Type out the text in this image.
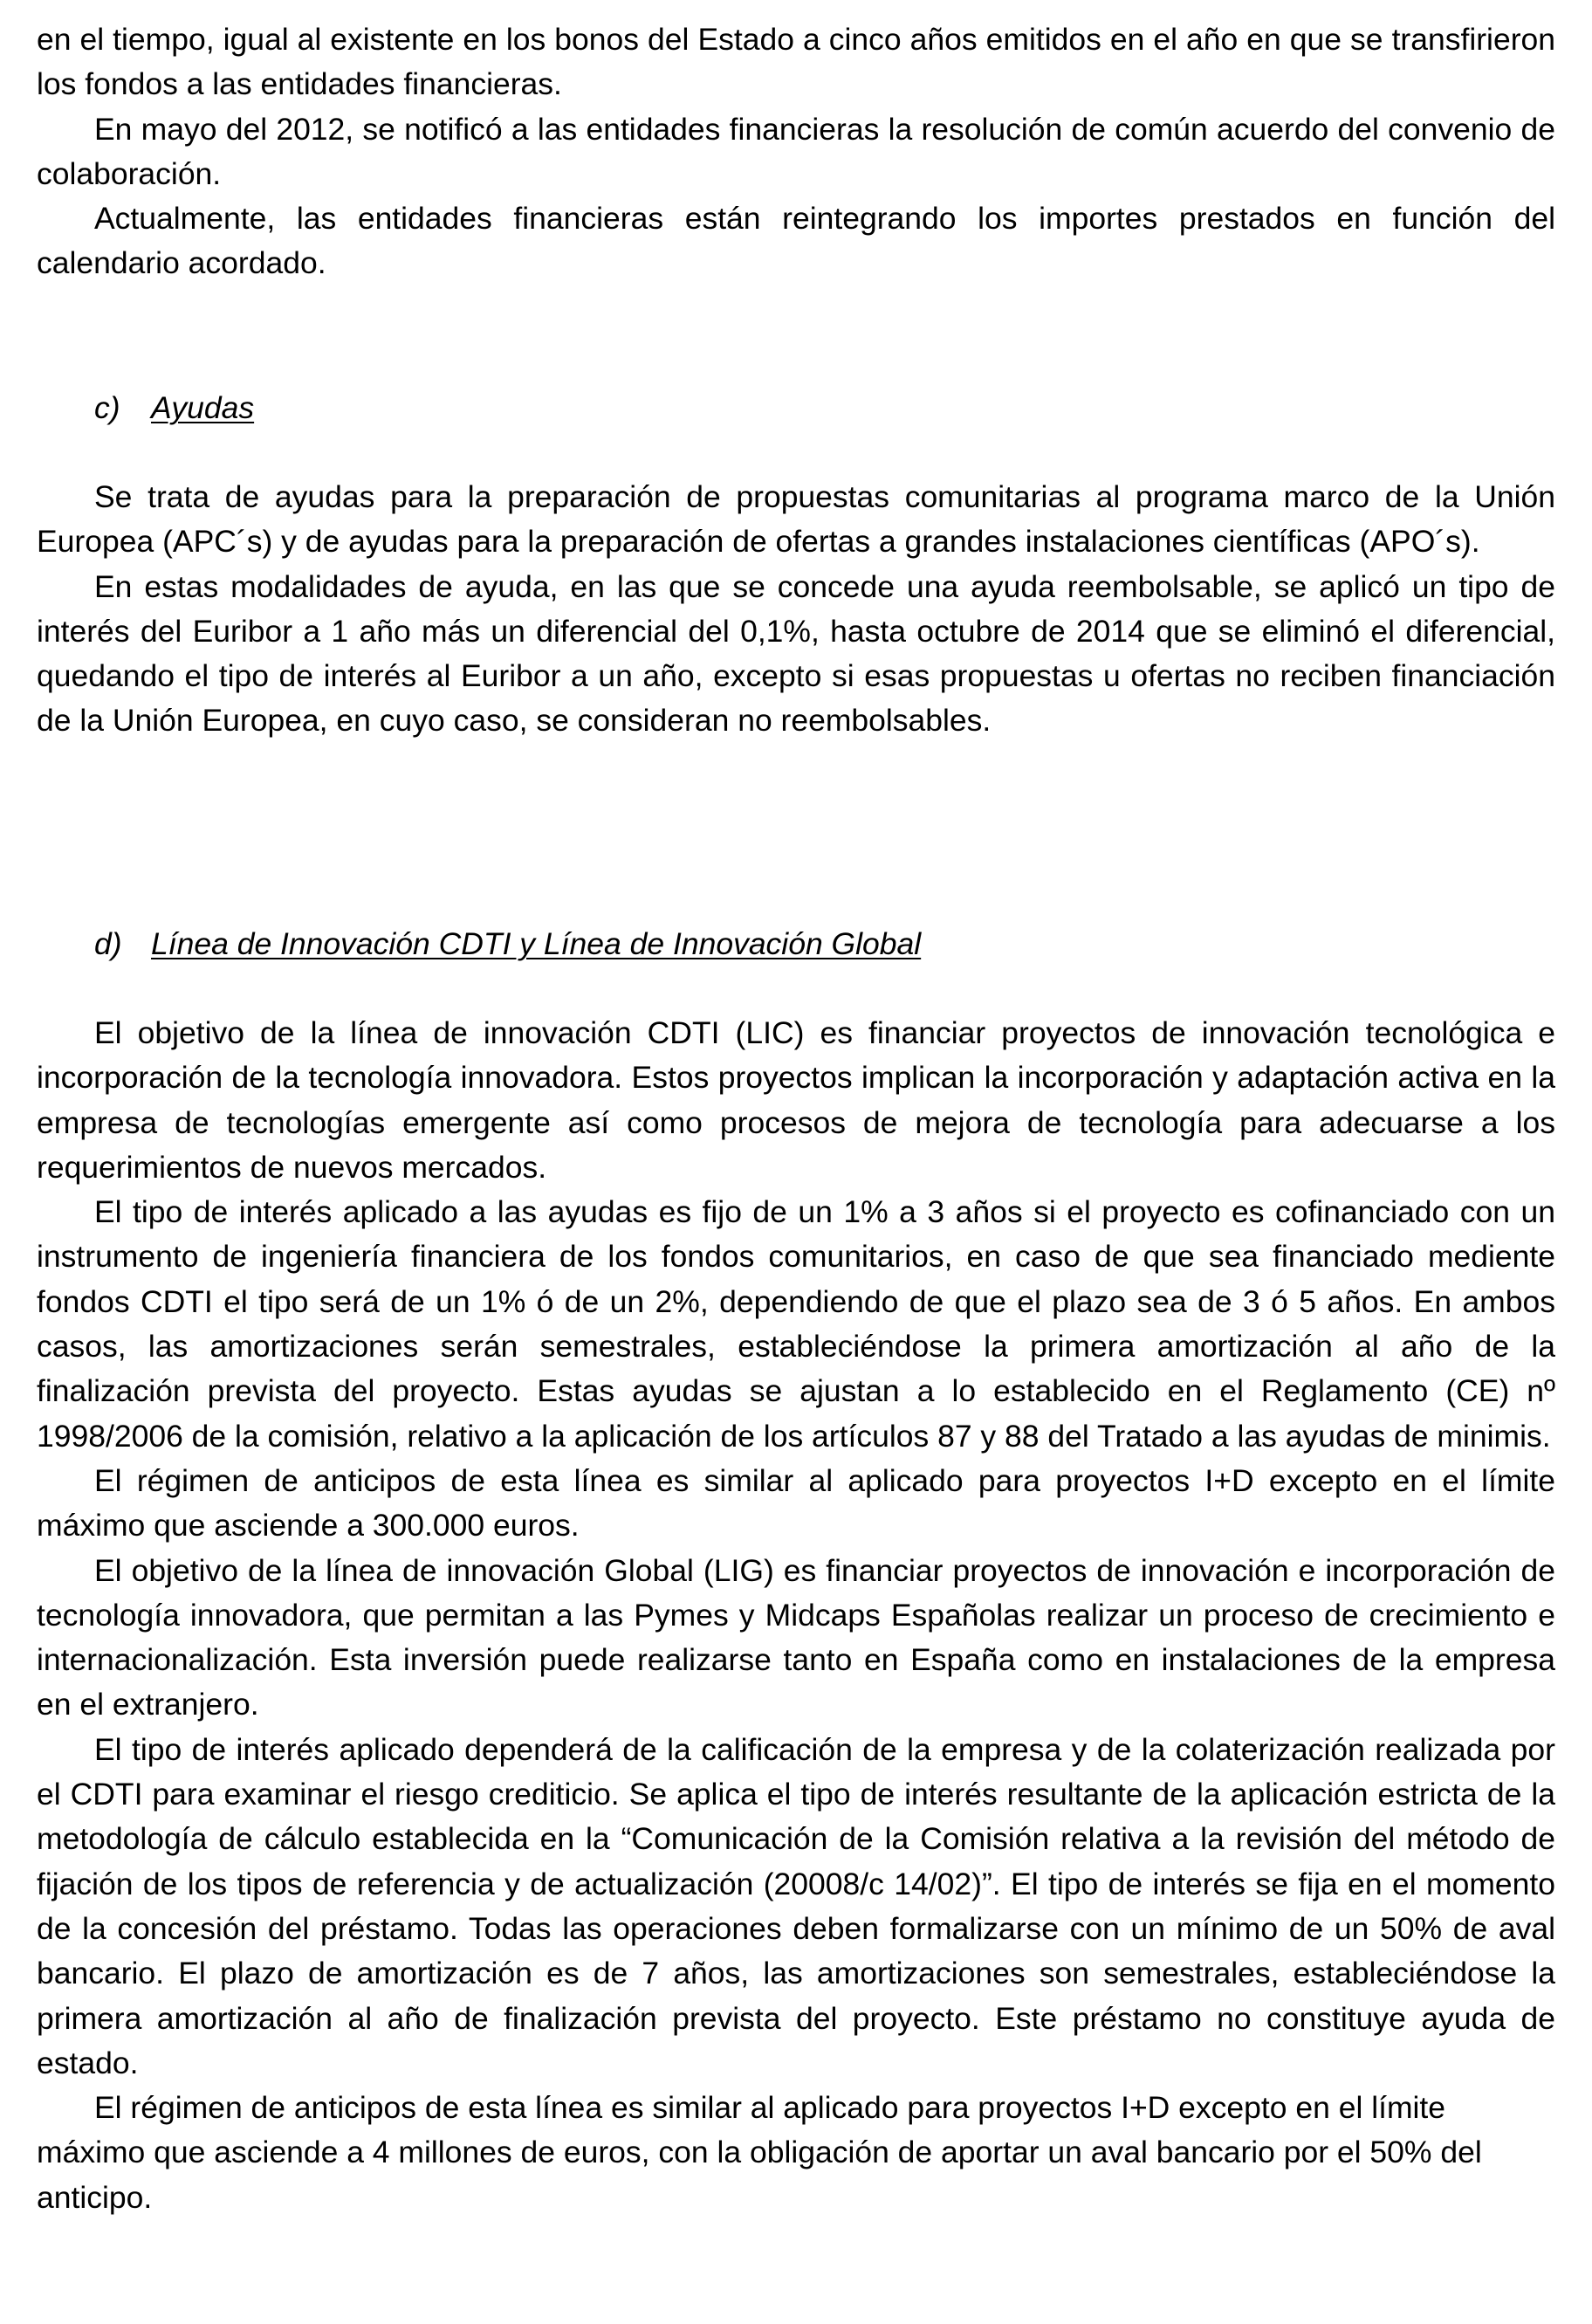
en el tiempo, igual al existente en los bonos del Estado a cinco años emitidos en el año en que se transfirieron los fondos a las entidades financieras.

En mayo del 2012, se notificó a las entidades financieras la resolución de común acuerdo del convenio de colaboración.

Actualmente, las entidades financieras están reintegrando los importes prestados en función del calendario acordado.

c) Ayudas

Se trata de ayudas para la preparación de propuestas comunitarias al programa marco de la Unión Europea (APC´s) y de ayudas para la preparación de ofertas a grandes instalaciones científicas (APO´s).

En estas modalidades de ayuda, en las que se concede una ayuda reembolsable, se aplicó un tipo de interés del Euribor a 1 año más un diferencial del 0,1%, hasta octubre de 2014 que se eliminó el diferencial, quedando el tipo de interés al Euribor a un año, excepto si esas propuestas u ofertas no reciben financiación de la Unión Europea, en cuyo caso, se consideran no reembolsables.

d) Línea de Innovación CDTI y Línea de Innovación Global

El objetivo de la línea de innovación CDTI (LIC) es financiar proyectos de innovación tecnológica e incorporación de la tecnología innovadora. Estos proyectos implican la incorporación y adaptación activa en la empresa de tecnologías emergente así como procesos de mejora de tecnología para adecuarse a los requerimientos de nuevos mercados.

El tipo de interés aplicado a las ayudas es fijo de un 1% a 3 años si el proyecto es cofinanciado con un instrumento de ingeniería financiera de los fondos comunitarios, en caso de que sea financiado mediente fondos CDTI el tipo será de un 1% ó de un 2%, dependiendo de que el plazo sea de 3 ó 5 años. En ambos casos, las amortizaciones serán semestrales, estableciéndose la primera amortización al año de la finalización prevista del proyecto. Estas ayudas se ajustan a lo establecido en el Reglamento (CE) nº 1998/2006 de la comisión, relativo a la aplicación de los artículos 87 y 88 del Tratado a las ayudas de minimis.

El régimen de anticipos de esta línea es similar al aplicado para proyectos I+D excepto en el límite máximo que asciende a 300.000 euros.

El objetivo de la línea de innovación Global (LIG) es financiar proyectos de innovación e incorporación de tecnología innovadora, que permitan a las Pymes y Midcaps Españolas realizar un proceso de crecimiento e internacionalización. Esta inversión puede realizarse tanto en España como en instalaciones de la empresa en el extranjero.

El tipo de interés aplicado dependerá de la calificación de la empresa y de la colaterización realizada por el CDTI para examinar el riesgo crediticio. Se aplica el tipo de interés resultante de la aplicación estricta de la metodología de cálculo establecida en la “Comunicación de la Comisión relativa a la revisión del método de fijación de los tipos de referencia y de actualización (20008/c 14/02)”. El tipo de interés se fija en el momento de la concesión del préstamo. Todas las operaciones deben formalizarse con un mínimo de un 50% de aval bancario. El plazo de amortización es de 7 años, las amortizaciones son semestrales, estableciéndose la primera amortización al año de finalización prevista del proyecto. Este préstamo no constituye ayuda de estado.

El régimen de anticipos de esta línea es similar al aplicado para proyectos I+D excepto en el límite máximo que asciende a 4 millones de euros, con la obligación de aportar un aval bancario por el 50% del anticipo.
